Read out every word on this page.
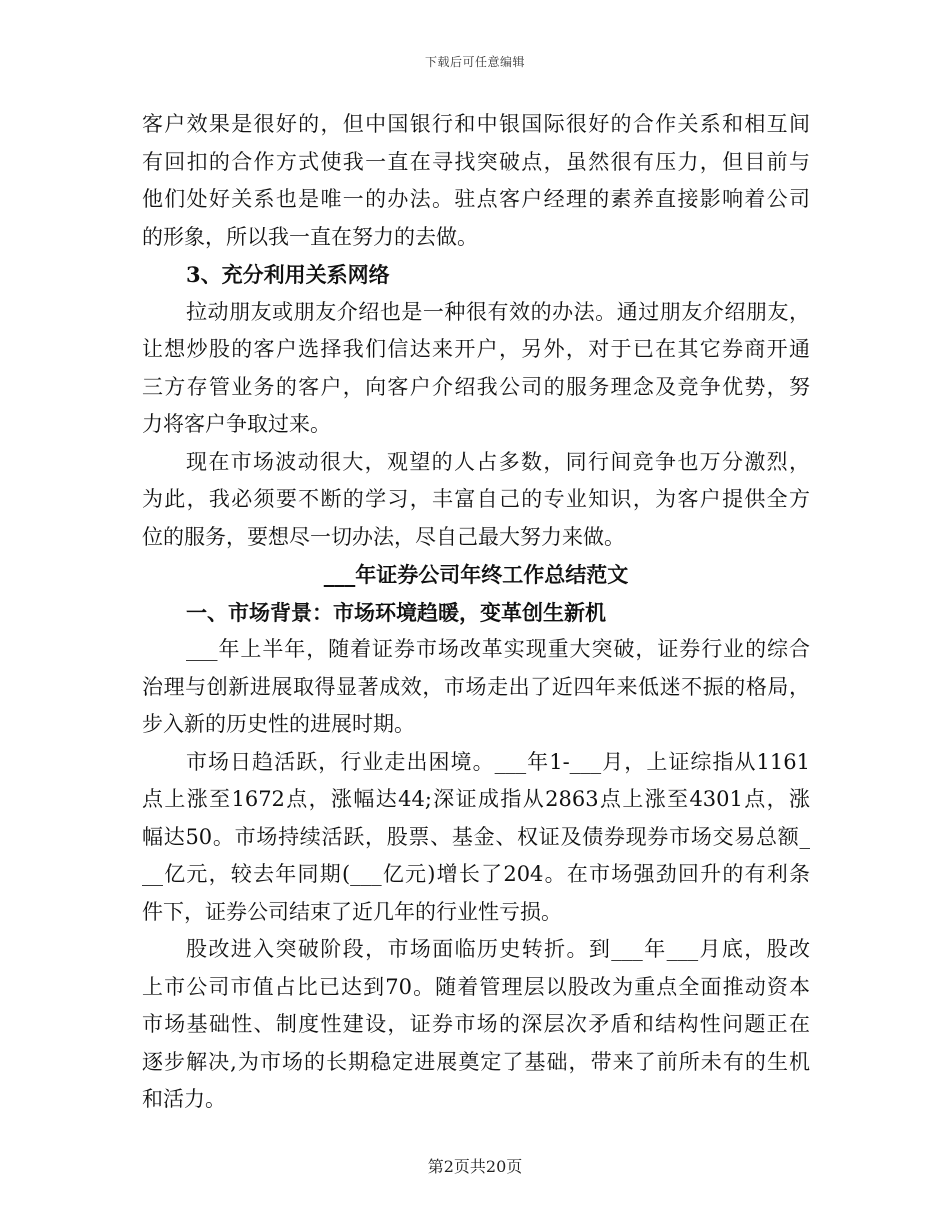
下载后可任意编辑
客户效果是很好的，但中国银行和中银国际很好的合作关系和相互间
有回扣的合作方式使我一直在寻找突破点，虽然很有压力，但目前与
他们处好关系也是唯一的办法。驻点客户经理的素养直接影响着公司
的形象，所以我一直在努力的去做。
3、充分利用关系网络
拉动朋友或朋友介绍也是一种很有效的办法。通过朋友介绍朋友，
让想炒股的客户选择我们信达来开户，另外，对于已在其它券商开通
三方存管业务的客户，向客户介绍我公司的服务理念及竞争优势，努
力将客户争取过来。
现在市场波动很大，观望的人占多数，同行间竞争也万分激烈，
为此，我必须要不断的学习，丰富自己的专业知识，为客户提供全方
位的服务，要想尽一切办法，尽自己最大努力来做。
___年证券公司年终工作总结范文
一、市场背景：市场环境趋暖，变革创生新机
___年上半年，随着证券市场改革实现重大突破，证券行业的综合
治理与创新进展取得显著成效，市场走出了近四年来低迷不振的格局，
步入新的历史性的进展时期。
市场日趋活跃，行业走出困境。___年1-___月，上证综指从1161
点上涨至1672点，涨幅达44;深证成指从2863点上涨至4301点，涨
幅达50。市场持续活跃，股票、基金、权证及债券现券市场交易总额_
__亿元，较去年同期(___亿元)增长了204。在市场强劲回升的有利条
件下，证券公司结束了近几年的行业性亏损。
股改进入突破阶段，市场面临历史转折。到___年___月底，股改
上市公司市值占比已达到70。随着管理层以股改为重点全面推动资本
市场基础性、制度性建设，证券市场的深层次矛盾和结构性问题正在
逐步解决,为市场的长期稳定进展奠定了基础，带来了前所未有的生机
和活力。
第2页共20页
